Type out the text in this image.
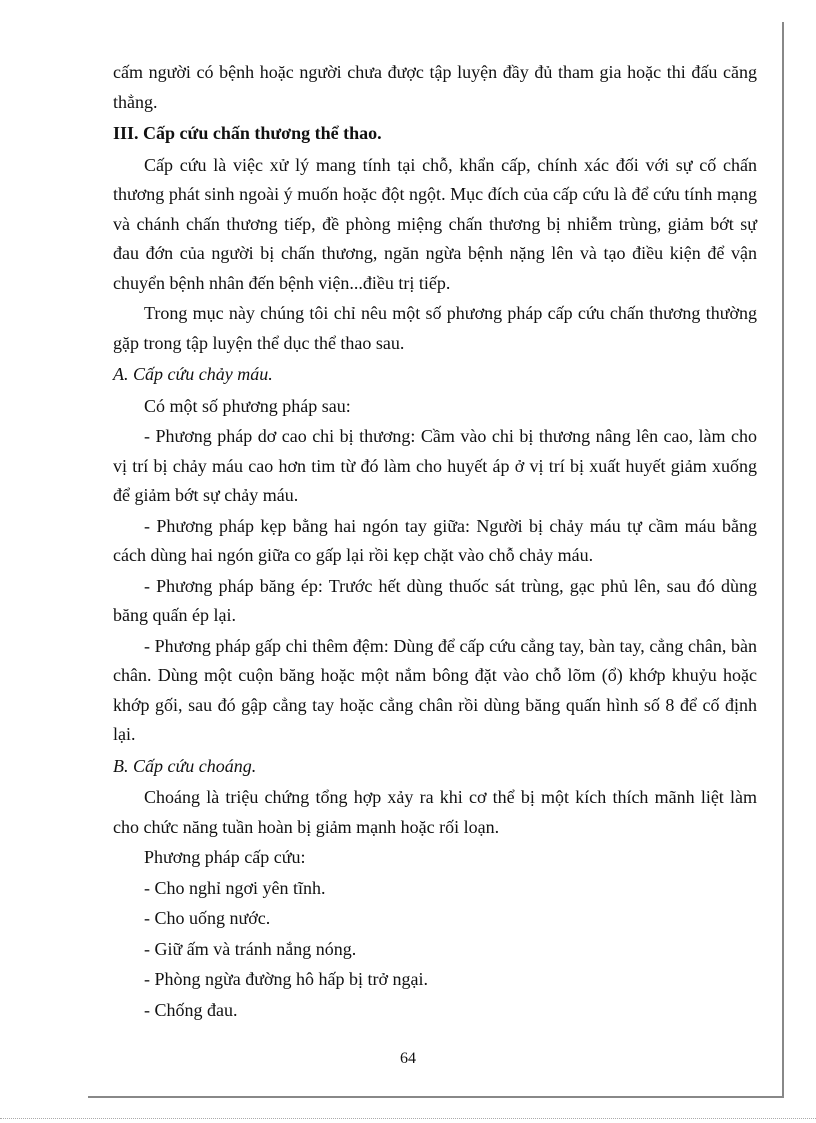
cấm người có bệnh hoặc người chưa được tập luyện đầy đủ tham gia hoặc thi đấu căng thẳng.

III. Cấp cứu chấn thương thể thao.

Cấp cứu là việc xử lý mang tính tại chỗ, khẩn cấp, chính xác đối với sự cố chấn thương phát sinh ngoài ý muốn hoặc đột ngột. Mục đích của cấp cứu là để cứu tính mạng và chánh chấn thương tiếp, đề phòng miệng chấn thương bị nhiễm trùng, giảm bớt sự đau đớn của người bị chấn thương, ngăn ngừa bệnh nặng lên và tạo điều kiện để vận chuyển bệnh nhân đến bệnh viện...điều trị tiếp.

Trong mục này chúng tôi chỉ nêu một số phương pháp cấp cứu chấn thương thường gặp trong tập luyện thể dục thể thao sau.

A. Cấp cứu chảy máu.

Có một số phương pháp sau:

- Phương pháp dơ cao chi bị thương: Cầm vào chi bị thương nâng lên cao, làm cho vị trí bị chảy máu cao hơn tim từ đó làm cho huyết áp ở vị trí bị xuất huyết giảm xuống để giảm bớt sự chảy máu.

- Phương pháp kẹp bằng hai ngón tay giữa: Người bị chảy máu tự cầm máu bằng cách dùng hai ngón giữa co gấp lại rồi kẹp chặt vào chỗ chảy máu.

- Phương pháp băng ép: Trước hết dùng thuốc sát trùng, gạc phủ lên, sau đó dùng băng quấn ép lại.

- Phương pháp gấp chi thêm đệm: Dùng để cấp cứu cẳng tay, bàn tay, cẳng chân, bàn chân. Dùng một cuộn băng hoặc một nắm bông đặt vào chỗ lõm (ổ) khớp khuỷu hoặc khớp gối, sau đó gập cẳng tay hoặc cẳng chân rồi dùng băng quấn hình số 8 để cố định lại.

B. Cấp cứu choáng.

Choáng là triệu chứng tổng hợp xảy ra khi cơ thể bị một kích thích mãnh liệt làm cho chức năng tuần hoàn bị giảm mạnh hoặc rối loạn.

Phương pháp cấp cứu:

- Cho nghỉ ngơi yên tĩnh.

- Cho uống nước.

- Giữ ấm và tránh nắng nóng.

- Phòng ngừa đường hô hấp bị trở ngại.

- Chống đau.

64
